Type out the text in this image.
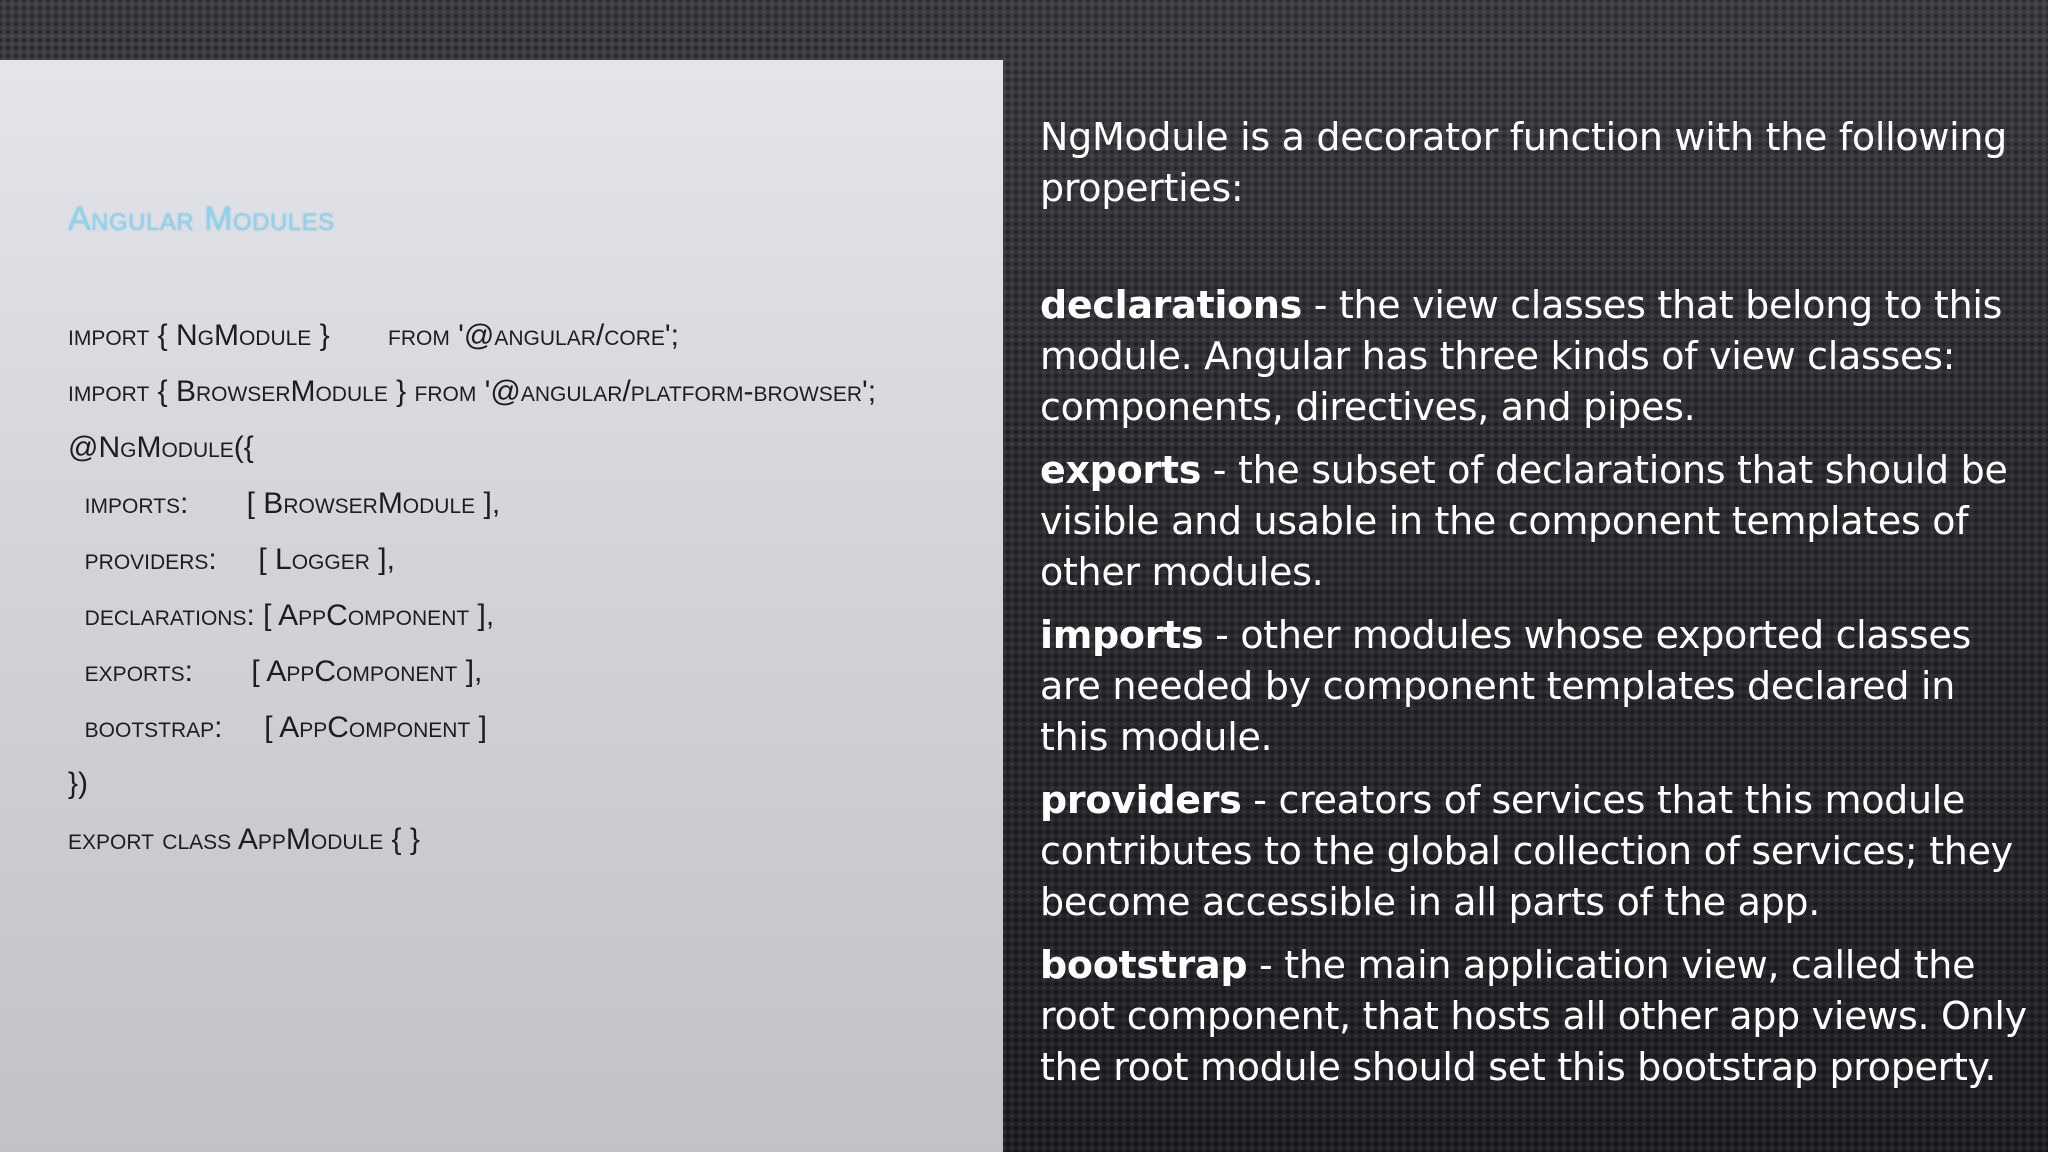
Angular Modules
import { NgModule }       from '@angular/core';
import { BrowserModule } from '@angular/platform-browser';
@NgModule({
imports:       [ BrowserModule ],
providers:     [ Logger ],
declarations: [ AppComponent ],
exports:       [ AppComponent ],
bootstrap:     [ AppComponent ]
})
export class AppModule { }

NgModule is a decorator function with the following properties:

declarations - the view classes that belong to this module. Angular has three kinds of view classes: components, directives, and pipes.

exports - the subset of declarations that should be visible and usable in the component templates of other modules.

imports - other modules whose exported classes are needed by component templates declared in this module.

providers - creators of services that this module contributes to the global collection of services; they become accessible in all parts of the app.

bootstrap - the main application view, called the root component, that hosts all other app views. Only the root module should set this bootstrap property.
